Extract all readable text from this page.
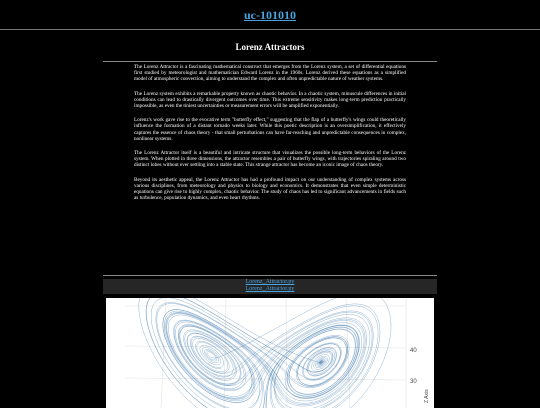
uc-101010
Lorenz Attractors

The Lorenz Attractor is a fascinating mathematical construct that emerges from the Lorenz system, a set of differential equations first studied by meteorologist and mathematician Edward Lorenz in the 1960s. Lorenz derived these equations as a simplified model of atmospheric convection, aiming to understand the complex and often unpredictable nature of weather systems.

The Lorenz system exhibits a remarkable property known as chaotic behavior. In a chaotic system, minuscule differences in initial conditions can lead to drastically divergent outcomes over time. This extreme sensitivity makes long-term prediction practically impossible, as even the tiniest uncertainties or measurement errors will be amplified exponentially.

Lorenz's work gave rise to the evocative term "butterfly effect," suggesting that the flap of a butterfly's wings could theoretically influence the formation of a distant tornado weeks later. While this poetic description is an oversimplification, it effectively captures the essence of chaos theory - that small perturbations can have far-reaching and unpredictable consequences in complex, nonlinear systems.

The Lorenz Attractor itself is a beautiful and intricate structure that visualizes the possible long-term behaviors of the Lorenz system. When plotted in three dimensions, the attractor resembles a pair of butterfly wings, with trajectories spiraling around two distinct lobes without ever settling into a stable state. This strange attractor has become an iconic image of chaos theory.

Beyond its aesthetic appeal, the Lorenz Attractor has had a profound impact on our understanding of complex systems across various disciplines, from meteorology and physics to biology and economics. It demonstrates that even simple deterministic equations can give rise to highly complex, chaotic behavior. The study of chaos has led to significant advancements in fields such as turbulence, population dynamics, and even heart rhythms.

Lorenz_Attractor.py
Lorenz_Attractor.py
40
30
Z Axis
